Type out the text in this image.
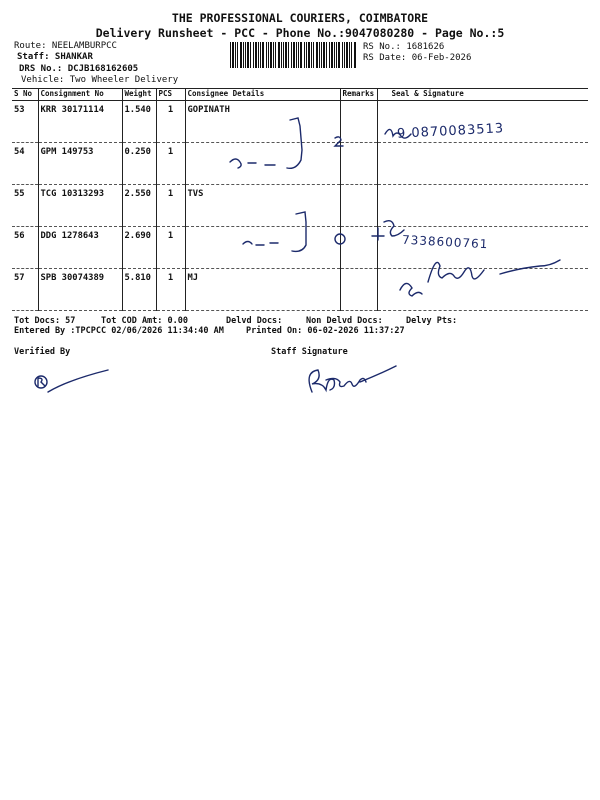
THE PROFESSIONAL COURIERS, COIMBATORE
Delivery Runsheet - PCC - Phone No.:9047080280 - Page No.:5
Route: NEELAMBURPCC
Staff: SHANKAR
DRS No.: DCJB168162605
Vehicle: Two Wheeler Delivery
RS No.: 1681626
RS Date: 06-Feb-2026
S No	Consignment No	Weight	PCS	Consignee Details	Remarks	Seal & Signature
53	KRR 30171114	1.540	1	GOPINATH		
54	GPM 149753	0.250	1			
55	TCG 10313293	2.550	1	TVS		
56	DDG 1278643	2.690	1			
57	SPB 30074389	5.810	1	MJ		
9 0870083513
7338600761
Tot Docs: 57	Tot COD Amt: 0.00	Delvd Docs:	Non Delvd Docs:	Delvy Pts:
Entered By :TPCPCC 02/06/2026 11:34:40 AM	Printed On: 06-02-2026 11:37:27
Verified By	Staff Signature
